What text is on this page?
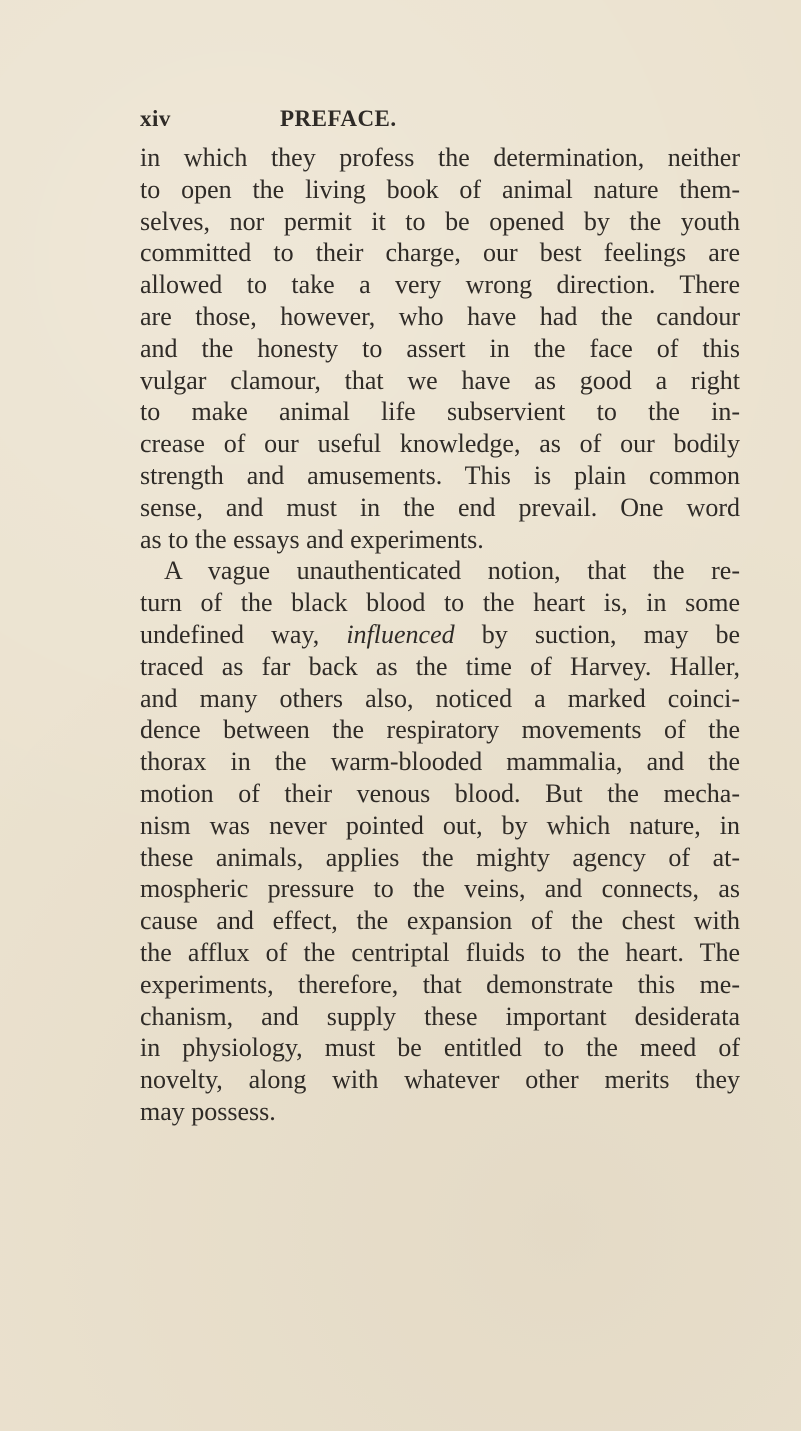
xiv	PREFACE.
in which they profess the determination, neither
to open the living book of animal nature them-
selves, nor permit it to be opened by the youth
committed to their charge, our best feelings are
allowed to take a very wrong direction. There
are those, however, who have had the candour
and the honesty to assert in the face of this
vulgar clamour, that we have as good a right
to make animal life subservient to the in-
crease of our useful knowledge, as of our bodily
strength and amusements. This is plain common
sense, and must in the end prevail. One word
as to the essays and experiments.
A vague unauthenticated notion, that the re-
turn of the black blood to the heart is, in some
undefined way, influenced by suction, may be
traced as far back as the time of Harvey. Haller,
and many others also, noticed a marked coinci-
dence between the respiratory movements of the
thorax in the warm-blooded mammalia, and the
motion of their venous blood. But the mecha-
nism was never pointed out, by which nature, in
these animals, applies the mighty agency of at-
mospheric pressure to the veins, and connects, as
cause and effect, the expansion of the chest with
the afflux of the centriptal fluids to the heart. The
experiments, therefore, that demonstrate this me-
chanism, and supply these important desiderata
in physiology, must be entitled to the meed of
novelty, along with whatever other merits they
may possess.
